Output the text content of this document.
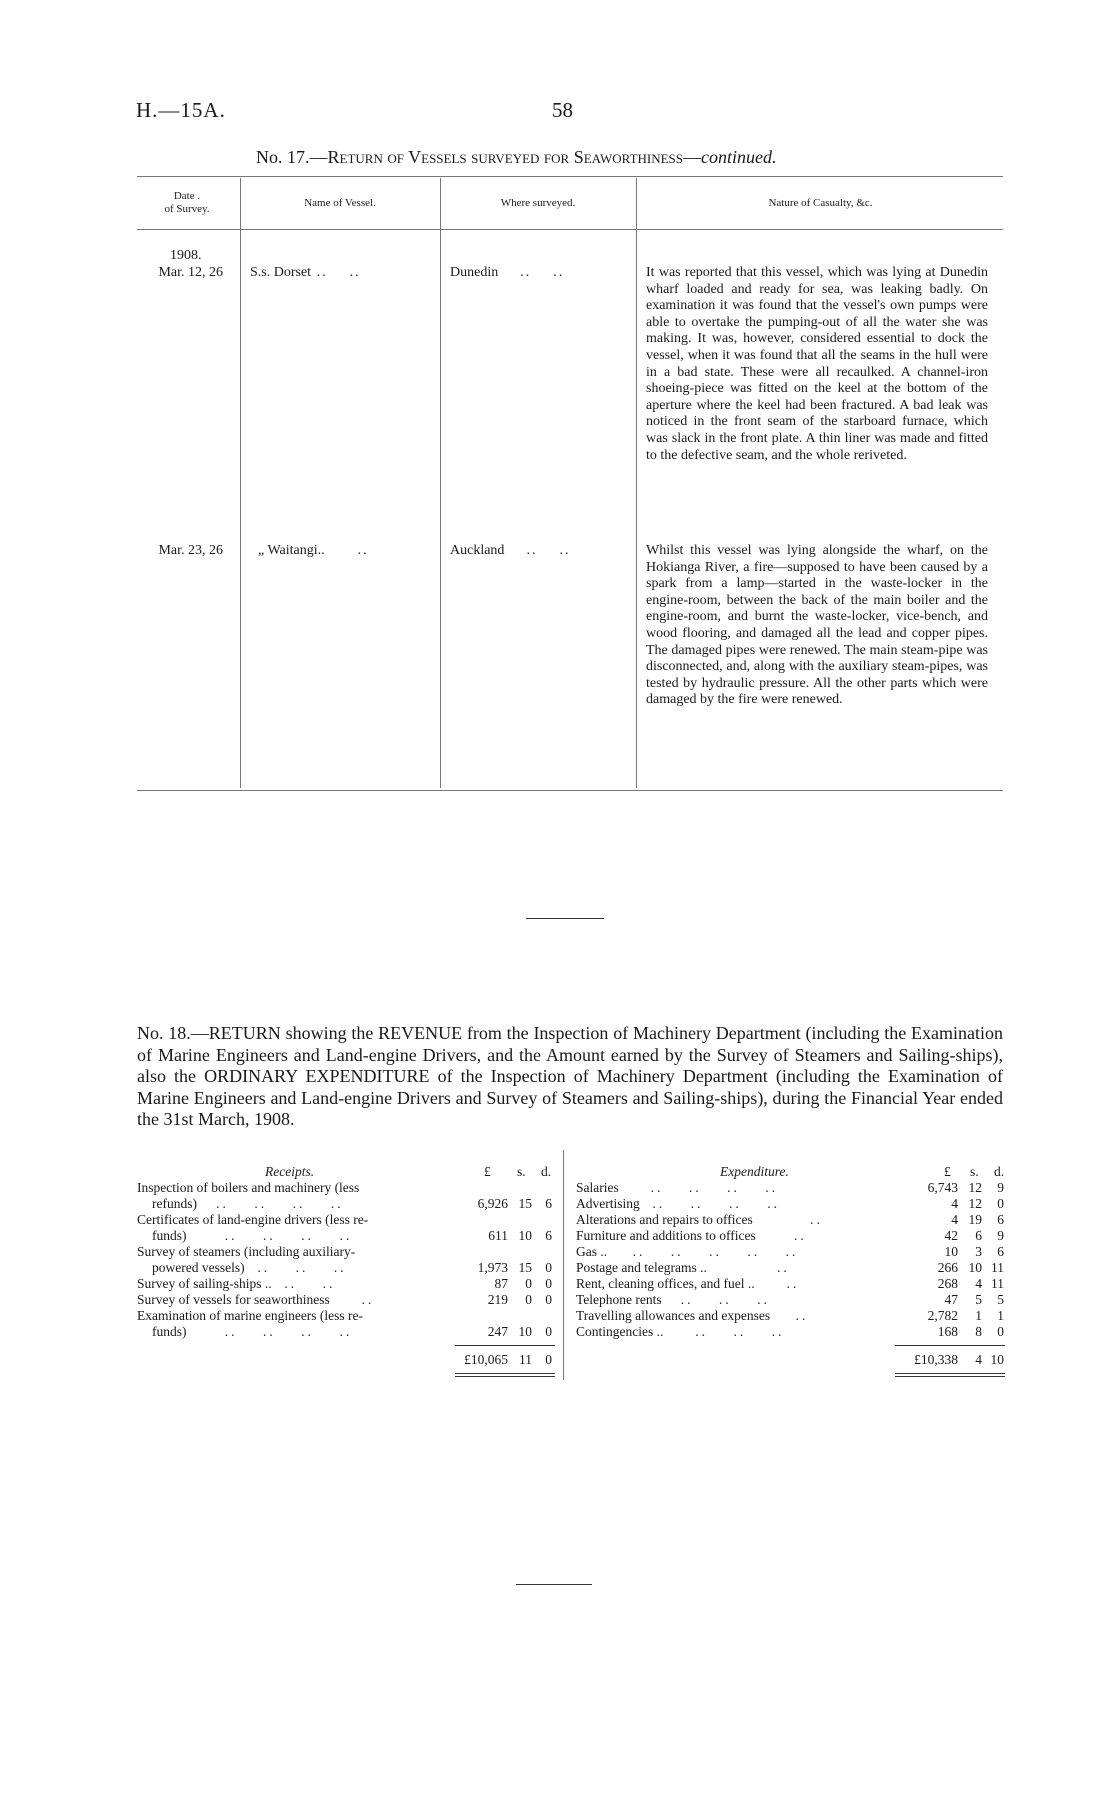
H.—15A.	58
No. 17.—Return of Vessels surveyed for Seaworthiness—continued.
Date .
of Survey.	Name of Vessel.	Where surveyed.	Nature of Casualty, &c.
1908.
Mar. 12, 26 S.s. Dorset ..    ..	Dunedin    ..    ..	It was reported that this vessel, which was lying at Dunedin wharf loaded and ready for sea, was leaking badly. On examination it was found that the vessel's own pumps were able to overtake the pumping-out of all the water she was making. It was, however, considered essential to dock the vessel, when it was found that all the seams in the hull were in a bad state. These were all recaulked. A channel-iron shoeing-piece was fitted on the keel at the bottom of the aperture where the keel had been fractured. A bad leak was noticed in the front seam of the starboard furnace, which was slack in the front plate. A thin liner was made and fitted to the defective seam, and the whole reriveted.
Mar. 23, 26	„ Waitangi..      ..	Auckland    ..    ..	Whilst this vessel was lying alongside the wharf, on the Hokianga River, a fire—supposed to have been caused by a spark from a lamp—started in the waste-locker in the engine-room, between the back of the main boiler and the engine-room, and burnt the waste-locker, vice-bench, and wood flooring, and damaged all the lead and copper pipes. The damaged pipes were renewed. The main steam-pipe was disconnected, and, along with the auxiliary steam-pipes, was tested by hydraulic pressure. All the other parts which were damaged by the fire were renewed.
No. 18.—RETURN showing the REVENUE from the Inspection of Machinery Department (including the Examination of Marine Engineers and Land-engine Drivers, and the Amount earned by the Survey of Steamers and Sailing-ships), also the ORDINARY EXPENDITURE of the Inspection of Machinery Department (including the Examination of Marine Engineers and Land-engine Drivers and Survey of Steamers and Sailing-ships), during the Financial Year ended the 31st March, 1908.
Receipts.	£ s. d.	Expenditure.	£ s. d.
Inspection of boilers and machinery (less
refunds)   ..    ..    ..    ..	6,926 15 6
Certificates of land-engine drivers (less re-
funds)      ..    ..    ..    ..	611 10 6
Survey of steamers (including auxiliary-
powered vessels)  ..    ..    ..	1,973 15 0
Survey of sailing-ships ..  ..    ..	87	0 0
Survey of vessels for seaworthiness     ..	219	0 0
Examination of marine engineers (less re-
funds)      ..    ..    ..    ..	247 10 0
£10,065 11 0
Salaries     ..    ..    ..    ..	6,743 12	9
Advertising  ..    ..    ..    ..	4 12	0
Alterations and repairs to offices         ..	4 19	6
Furniture and additions to offices      ..	42	6	9
Gas ..    ..    ..    ..    ..    ..	10	3	6
Postage and telegrams ..           ..	266 10 11
Rent, cleaning offices, and fuel ..     ..	268	4 11
Telephone rents   ..    ..    ..	47	5	5
Travelling allowances and expenses    ..	2,782	1	1
Contingencies ..     ..    ..    ..	168	8	0
£10,338	4 10
